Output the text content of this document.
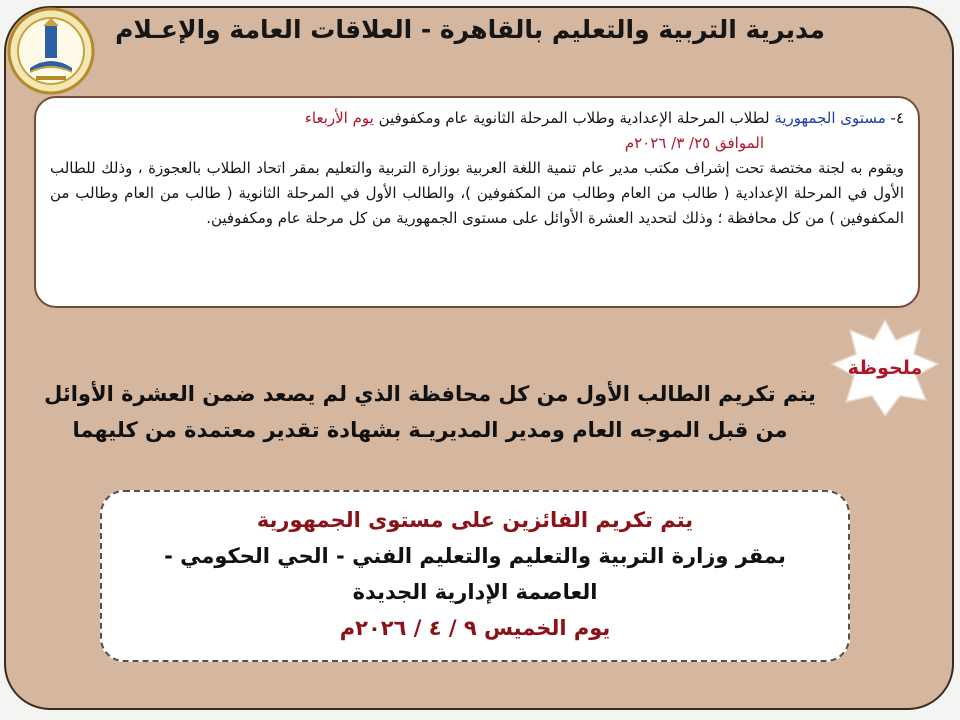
مديرية التربية والتعليم بالقاهرة - العلاقات العامة والإعـلام
٤- مستوى الجمهورية لطلاب المرحلة الإعدادية وطلاب المرحلة الثانوية عام ومكفوفين يوم الأربعاء
الموافق ٢٥/ ٣/ ٢٠٢٦م
ويقوم به لجنة مختصة تحت إشراف مكتب مدير عام تنمية اللغة العربية بوزارة التربية والتعليم بمقر اتحاد الطلاب بالعجوزة ، وذلك للطالب الأول في المرحلة الإعدادية ( طالب من العام وطالب من المكفوفين )، والطالب الأول في المرحلة الثانوية ( طالب من العام وطالب من المكفوفين ) من كل محافظة ؛ وذلك لتحديد العشرة الأوائل على مستوى الجمهورية من كل مرحلة عام ومكفوفين.
ملحوظة
يتم تكريم الطالب الأول من كل محافظة الذي لم يصعد ضمن العشرة الأوائل
من قبل الموجه العام ومدير المديريـة بشهادة تقدير معتمدة من كليهما
يتم تكريم الفائزين على مستوى الجمهورية
بمقر وزارة التربية والتعليم والتعليم الفني - الحي الحكومي -
العاصمة الإدارية الجديدة
يوم الخميس ٩ / ٤ / ٢٠٢٦م
